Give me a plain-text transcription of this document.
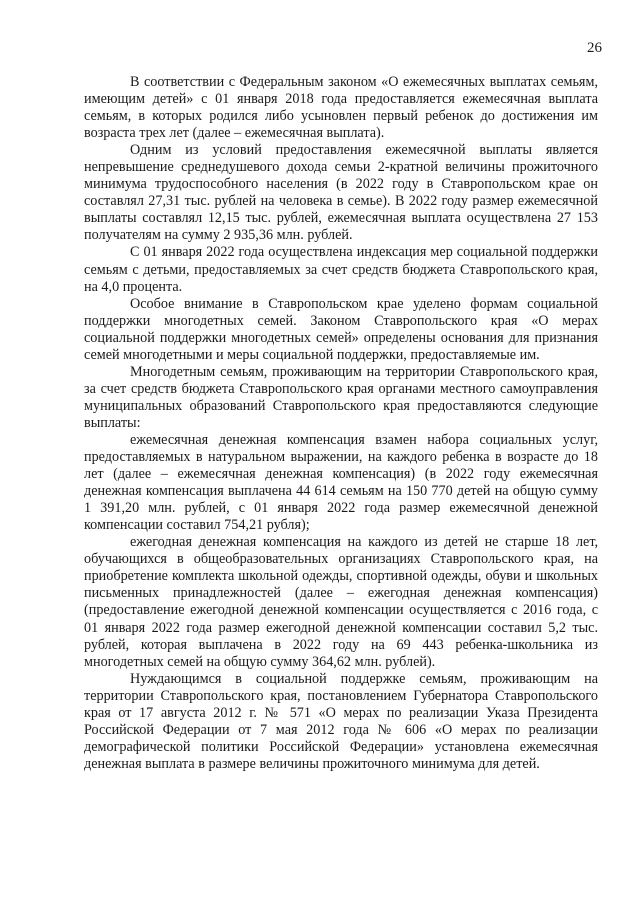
26

В соответствии с Федеральным законом «О ежемесячных выплатах семьям, имеющим детей» с 01 января 2018 года предоставляется ежемесячная выплата семьям, в которых родился либо усыновлен первый ребенок до достижения им возраста трех лет (далее – ежемесячная выплата).

Одним из условий предоставления ежемесячной выплаты является непревышение среднедушевого дохода семьи 2-кратной величины прожиточного минимума трудоспособного населения (в 2022 году в Ставропольском крае он составлял 27,31 тыс. рублей на человека в семье). В 2022 году размер ежемесячной выплаты составлял 12,15 тыс. рублей, ежемесячная выплата осуществлена 27 153 получателям на сумму 2 935,36 млн. рублей.

С 01 января 2022 года осуществлена индексация мер социальной поддержки семьям с детьми, предоставляемых за счет средств бюджета Ставропольского края, на 4,0 процента.

Особое внимание в Ставропольском крае уделено формам социальной поддержки многодетных семей. Законом Ставропольского края «О мерах социальной поддержки многодетных семей» определены основания для признания семей многодетными и меры социальной поддержки, предоставляемые им.

Многодетным семьям, проживающим на территории Ставропольского края, за счет средств бюджета Ставропольского края органами местного самоуправления муниципальных образований Ставропольского края предоставляются следующие выплаты:

ежемесячная денежная компенсация взамен набора социальных услуг, предоставляемых в натуральном выражении, на каждого ребенка в возрасте до 18 лет (далее – ежемесячная денежная компенсация) (в 2022 году ежемесячная денежная компенсация выплачена 44 614 семьям на 150 770 детей на общую сумму 1 391,20 млн. рублей, с 01 января 2022 года размер ежемесячной денежной компенсации составил 754,21 рубля);

ежегодная денежная компенсация на каждого из детей не старше 18 лет, обучающихся в общеобразовательных организациях Ставропольского края, на приобретение комплекта школьной одежды, спортивной одежды, обуви и школьных письменных принадлежностей (далее – ежегодная денежная компенсация) (предоставление ежегодной денежной компенсации осуществляется с 2016 года, с 01 января 2022 года размер ежегодной денежной компенсации составил 5,2 тыс. рублей, которая выплачена в 2022 году на 69 443 ребенка-школьника из многодетных семей на общую сумму 364,62 млн. рублей).

Нуждающимся в социальной поддержке семьям, проживающим на территории Ставропольского края, постановлением Губернатора Ставропольского края от 17 августа 2012 г. № 571 «О мерах по реализации Указа Президента Российской Федерации от 7 мая 2012 года № 606 «О мерах по реализации демографической политики Российской Федерации» установлена ежемесячная денежная выплата в размере величины прожиточного минимума для детей.
